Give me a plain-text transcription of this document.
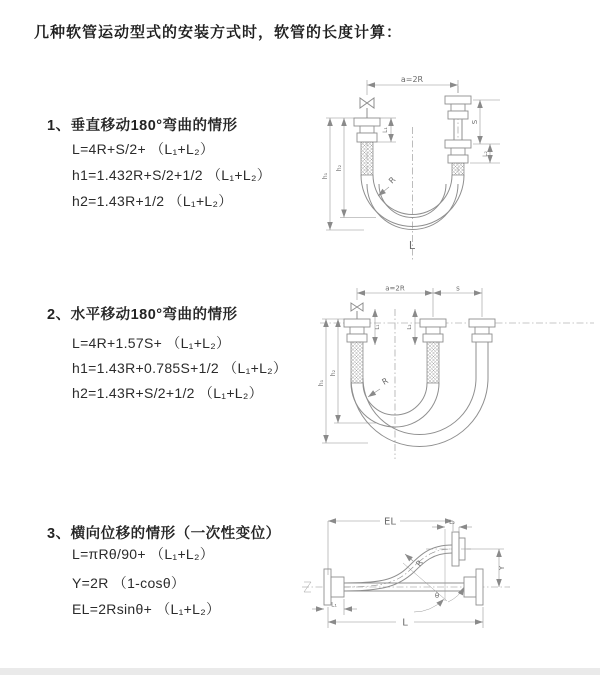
几种软管运动型式的安装方式时，软管的长度计算：
1、垂直移动180°弯曲的情形
L=4R+S/2+ （L₁+L₂）
h1=1.432R+S/2+1/2 （L₁+L₂）
h2=1.43R+1/2 （L₁+L₂）
2、水平移动180°弯曲的情形
L=4R+1.57S+ （L₁+L₂）
h1=1.43R+0.785S+1/2 （L₁+L₂）
h2=1.43R+S/2+1/2 （L₁+L₂）
3、横向位移的情形（一次性变位）
L=πRθ/90+ （L₁+L₂）
Y=2R （1-cosθ）
EL=2Rsinθ+ （L₁+L₂）
a=2R
L₁
S
L₂
h₂
h₁	R
L
a=2R	s
L₁	L₂
h₂
h₁	R
θ
R
EL	L₂
Y
L
L₁
